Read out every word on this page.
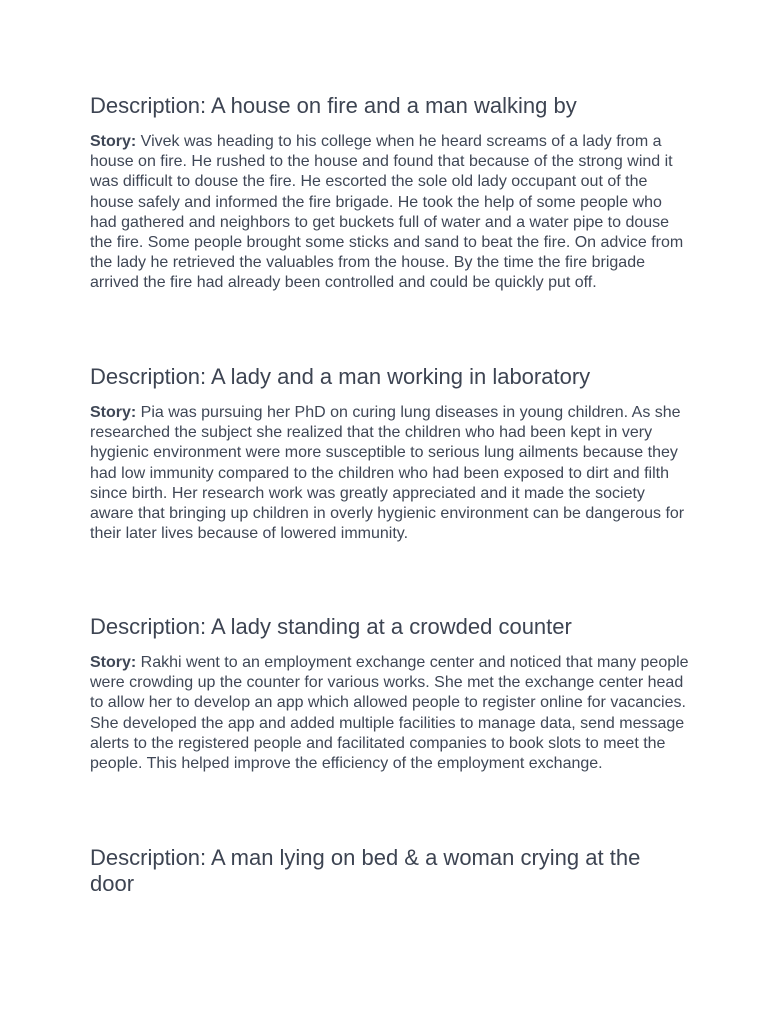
Description: A house on fire and a man walking by

Story: Vivek was heading to his college when he heard screams of a lady from a house on fire. He rushed to the house and found that because of the strong wind it was difficult to douse the fire. He escorted the sole old lady occupant out of the house safely and informed the fire brigade. He took the help of some people who had gathered and neighbors to get buckets full of water and a water pipe to douse the fire. Some people brought some sticks and sand to beat the fire. On advice from the lady he retrieved the valuables from the house. By the time the fire brigade arrived the fire had already been controlled and could be quickly put off.

Description: A lady and a man working in laboratory

Story: Pia was pursuing her PhD on curing lung diseases in young children. As she researched the subject she realized that the children who had been kept in very hygienic environment were more susceptible to serious lung ailments because they had low immunity compared to the children who had been exposed to dirt and filth since birth. Her research work was greatly appreciated and it made the society aware that bringing up children in overly hygienic environment can be dangerous for their later lives because of lowered immunity.

Description: A lady standing at a crowded counter

Story: Rakhi went to an employment exchange center and noticed that many people were crowding up the counter for various works. She met the exchange center head to allow her to develop an app which allowed people to register online for vacancies. She developed the app and added multiple facilities to manage data, send message alerts to the registered people and facilitated companies to book slots to meet the people. This helped improve the efficiency of the employment exchange.

Description: A man lying on bed & a woman crying at the door
